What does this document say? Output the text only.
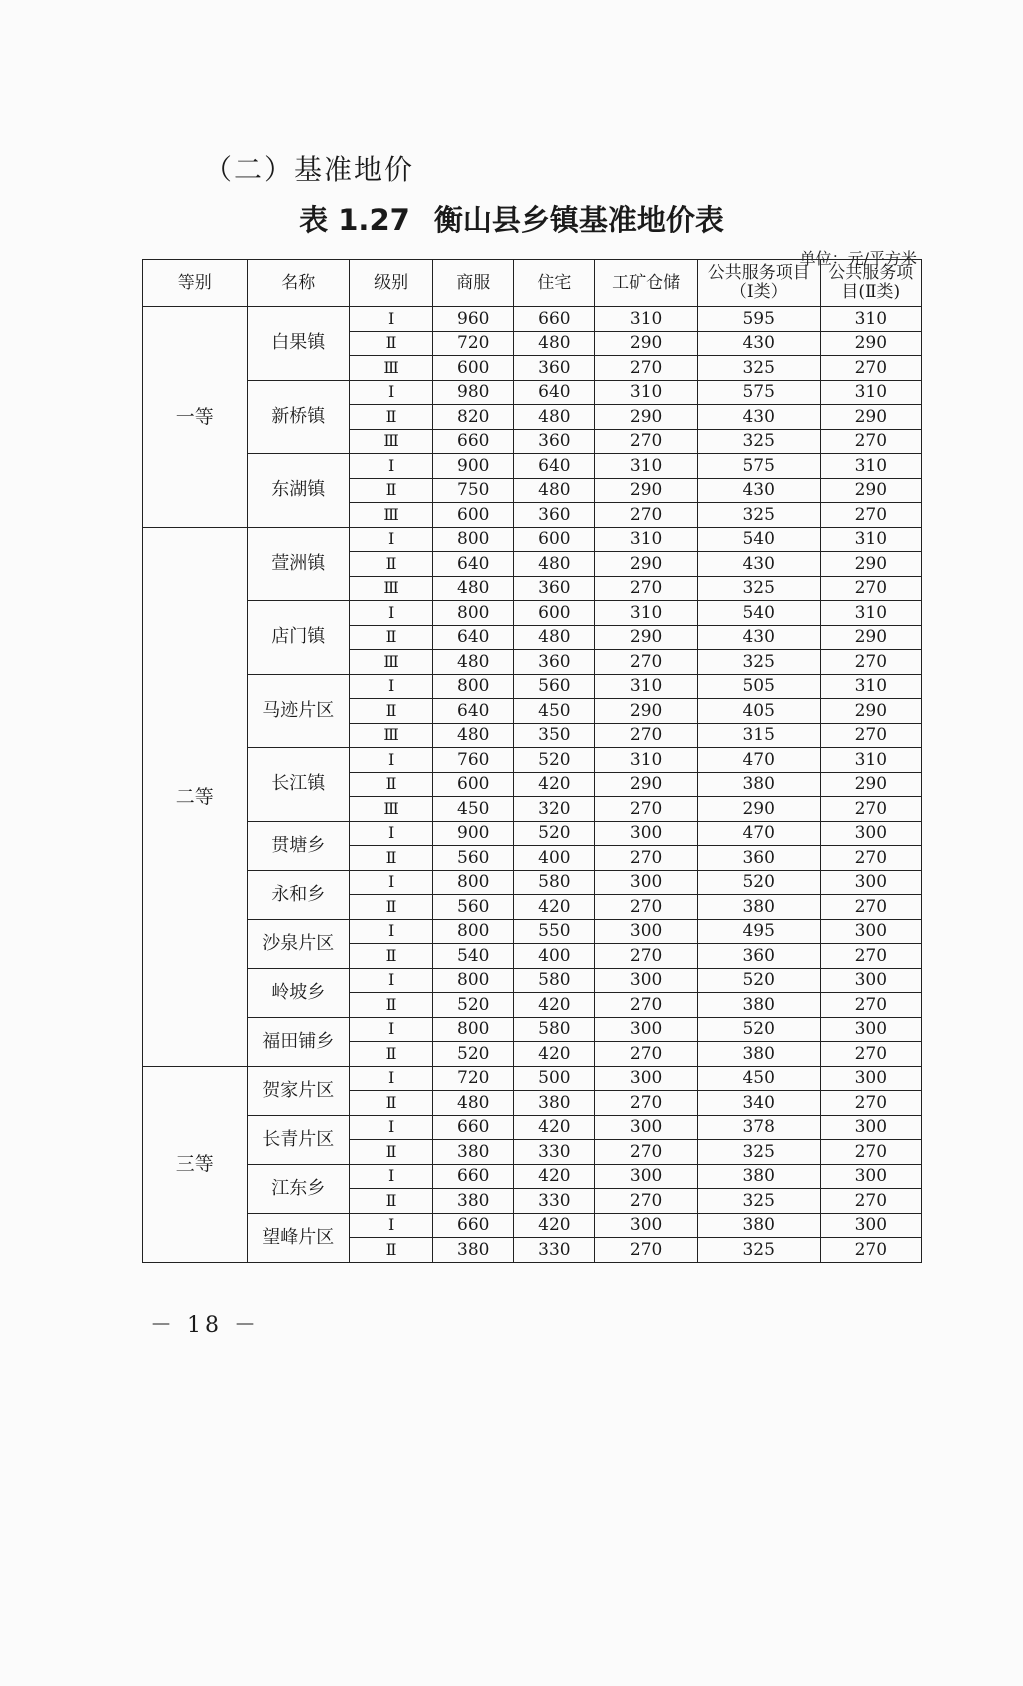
（二）基准地价
表 1.27 衡山县乡镇基准地价表
单位：元/平方米
等别	名称	级别	商服	住宅	工矿仓储	公共服务项目（Ⅰ类）	公共服务项目(Ⅱ类)
一等	白果镇	Ⅰ	960	660	310	595	310
		Ⅱ	720	480	290	430	290
		Ⅲ	600	360	270	325	270
	新桥镇	Ⅰ	980	640	310	575	310
		Ⅱ	820	480	290	430	290
		Ⅲ	660	360	270	325	270
	东湖镇	Ⅰ	900	640	310	575	310
		Ⅱ	750	480	290	430	290
		Ⅲ	600	360	270	325	270
二等	萱洲镇	Ⅰ	800	600	310	540	310
		Ⅱ	640	480	290	430	290
		Ⅲ	480	360	270	325	270
	店门镇	Ⅰ	800	600	310	540	310
		Ⅱ	640	480	290	430	290
		Ⅲ	480	360	270	325	270
	马迹片区	Ⅰ	800	560	310	505	310
		Ⅱ	640	450	290	405	290
		Ⅲ	480	350	270	315	270
	长江镇	Ⅰ	760	520	310	470	310
		Ⅱ	600	420	290	380	290
		Ⅲ	450	320	270	290	270
	贯塘乡	Ⅰ	900	520	300	470	300
		Ⅱ	560	400	270	360	270
	永和乡	Ⅰ	800	580	300	520	300
		Ⅱ	560	420	270	380	270
	沙泉片区	Ⅰ	800	550	300	495	300
		Ⅱ	540	400	270	360	270
	岭坡乡	Ⅰ	800	580	300	520	300
		Ⅱ	520	420	270	380	270
	福田铺乡	Ⅰ	800	580	300	520	300
		Ⅱ	520	420	270	380	270
三等	贺家片区	Ⅰ	720	500	300	450	300
		Ⅱ	480	380	270	340	270
	长青片区	Ⅰ	660	420	300	378	300
		Ⅱ	380	330	270	325	270
	江东乡	Ⅰ	660	420	300	380	300
		Ⅱ	380	330	270	325	270
	望峰片区	Ⅰ	660	420	300	380	300
		Ⅱ	380	330	270	325	270
－ 18 －
